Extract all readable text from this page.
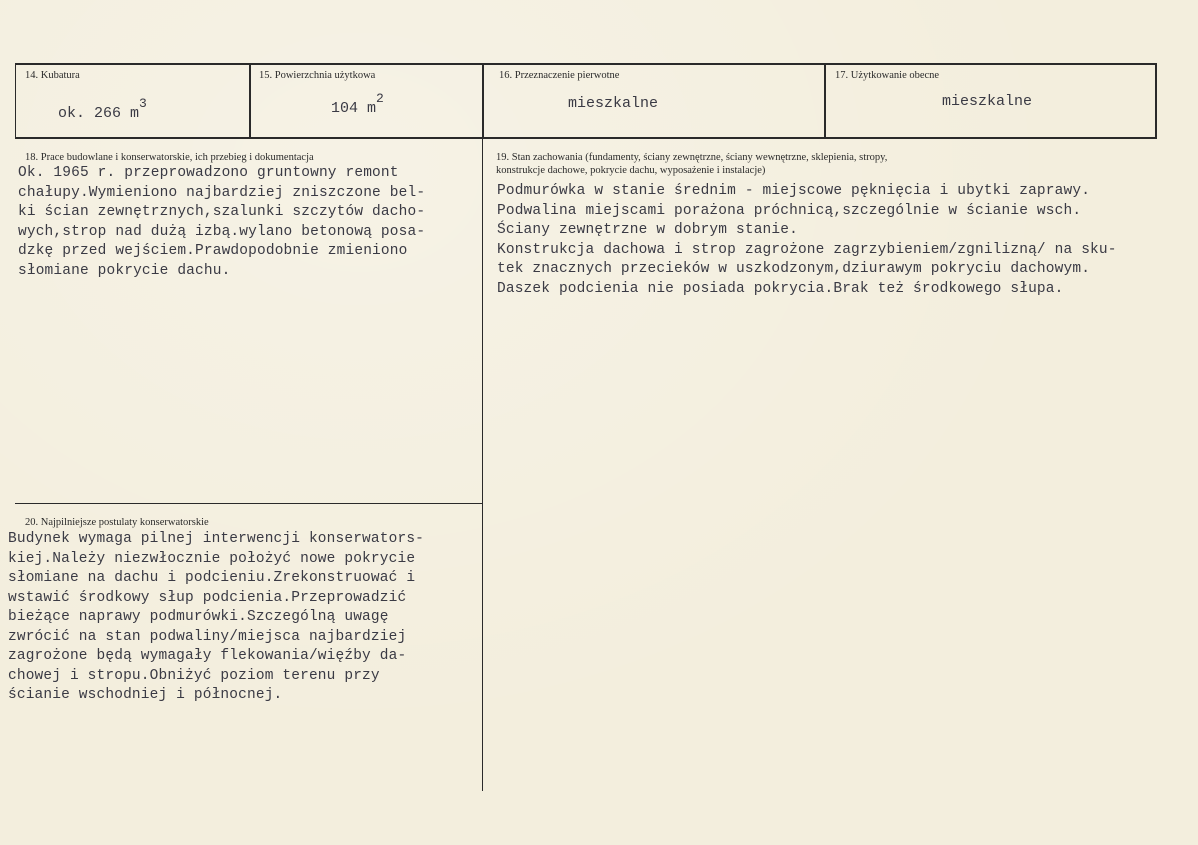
14. Kubatura
ok. 266 $m^3$
15. Powierzchnia użytkowa
104 $m^2$
16. Przeznaczenie pierwotne
mieszkalne
17. Użytkowanie obecne
mieszkalne
18. Prace budowlane i konserwatorskie, ich przebieg i dokumentacja
Ok. 1965 r. przeprowadzono gruntowny remont
chałupy.Wymieniono najbardziej zniszczone bel-
ki ścian zewnętrznych,szalunki szczytów dacho-
wych,strop nad dużą izbą.wylano betonową posa-
dzkę przed wejściem.Prawdopodobnie zmieniono
słomiane pokrycie dachu.
19. Stan zachowania (fundamenty, ściany zewnętrzne, ściany wewnętrzne, sklepienia, stropy,
konstrukcje dachowe, pokrycie dachu, wyposażenie i instalacje)
Podmurówka w stanie średnim - miejscowe pęknięcia i ubytki zaprawy.
Podwalina miejscami porażona próchnicą,szczególnie w ścianie wsch.
Ściany zewnętrzne w dobrym stanie.
Konstrukcja dachowa i strop zagrożone zagrzybieniem/zgnilizną/ na sku-
tek znacznych przecieków w uszkodzonym,dziurawym pokryciu dachowym.
Daszek podcienia nie posiada pokrycia.Brak też środkowego słupa.
20. Najpilniejsze postulaty konserwatorskie
Budynek wymaga pilnej interwencji konserwators-
kiej.Należy niezwłocznie położyć nowe pokrycie
słomiane na dachu i podcieniu.Zrekonstruować i
wstawić środkowy słup podcienia.Przeprowadzić
bieżące naprawy podmurówki.Szczególną uwagę
zwrócić na stan podwaliny/miejsca najbardziej
zagrożone będą wymagały flekowania/więźby da-
chowej i stropu.Obniżyć poziom terenu przy
ścianie wschodniej i północnej.
